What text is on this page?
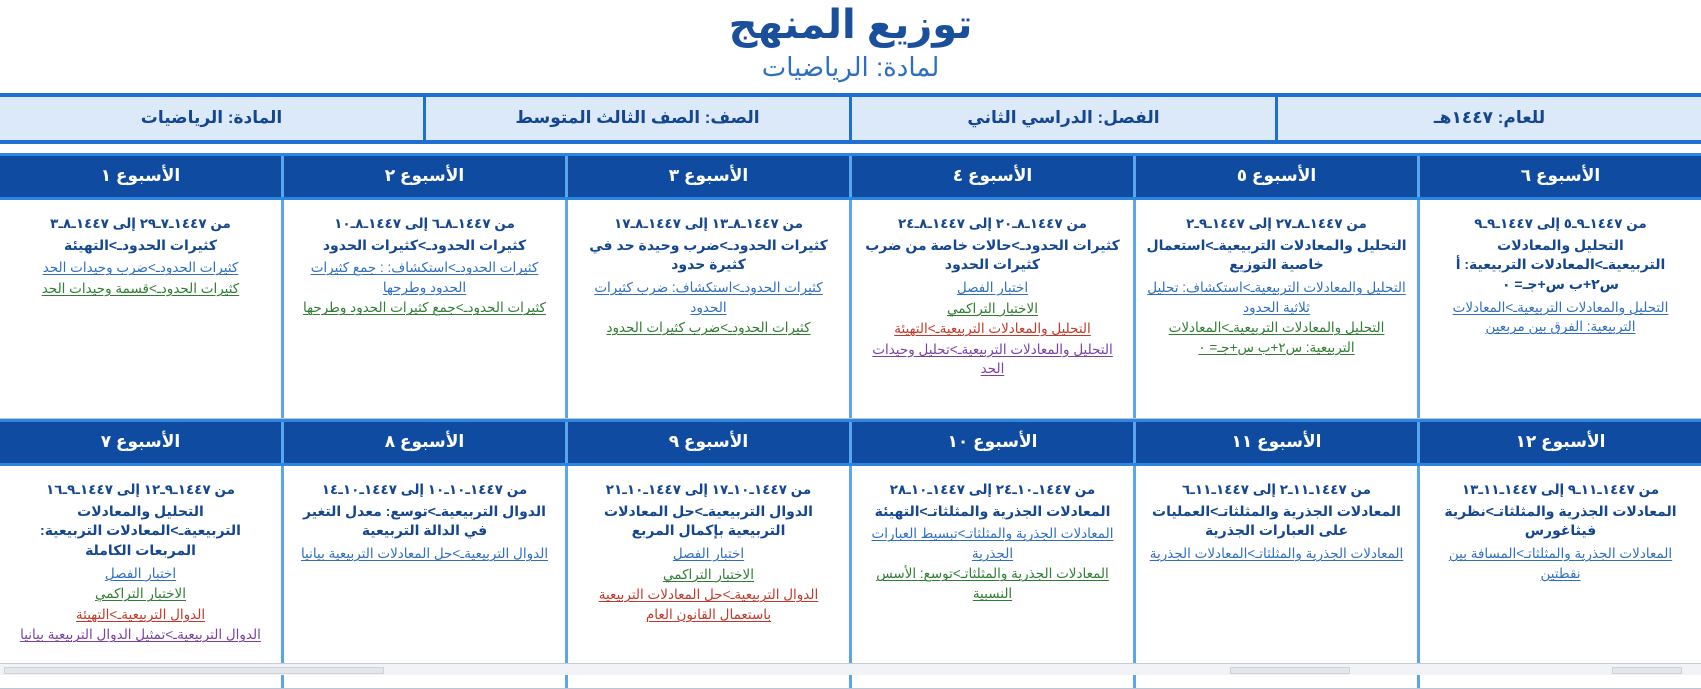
توزيع المنهج
لمادة: الرياضيات
للعام: ١٤٤٧هـ
الفصل: الدراسي الثاني
الصف: الصف الثالث المتوسط
المادة: الرياضيات
الأسبوع ٦
الأسبوع ٥
الأسبوع ٤
الأسبوع ٣
الأسبوع ٢
الأسبوع ١
من ١٤٤٧ـ٩ـ٥ إلى ١٤٤٧ـ٩ـ٩
التحليل والمعادلات التربيعيةـ>المعادلات التربيعية: أ س٢+ب س+جـ= ٠
التحليل والمعادلات التربيعيةـ>المعادلات التربيعية: الفرق بين مربعين
من ١٤٤٧ـ٨ـ٢٧ إلى ١٤٤٧ـ٩ـ٢
التحليل والمعادلات التربيعيةـ>استعمال خاصية التوزيع
التحليل والمعادلات التربيعيةـ>استكشاف: تحليل ثلاثية الحدود
التحليل والمعادلات التربيعيةـ>المعادلات التربيعية: س٢+ب س+جـ= ٠
من ١٤٤٧ـ٨ـ٢٠ إلى ١٤٤٧ـ٨ـ٢٤
كثيرات الحدودـ>حالات خاصة من ضرب كثيرات الحدود
اختبار الفصل
الاختبار التراكمي
التحليل والمعادلات التربيعيةـ>التهيئة
التحليل والمعادلات التربيعيةـ>تحليل وحيدات الحد
من ١٤٤٧ـ٨ـ١٣ إلى ١٤٤٧ـ٨ـ١٧
كثيرات الحدودـ>ضرب وحيدة حد في كثيرة حدود
كثيرات الحدودـ>استكشاف: ضرب كثيرات الحدود
كثيرات الحدودـ>ضرب كثيرات الحدود
من ١٤٤٧ـ٨ـ٦ إلى ١٤٤٧ـ٨ـ١٠
كثيرات الحدودـ>كثيرات الحدود
كثيرات الحدودـ>استكشاف: : جمع كثيرات الحدود وطرحها
كثيرات الحدودـ>جمع كثيرات الحدود وطرحها
من ١٤٤٧ـ٧ـ٢٩ إلى ١٤٤٧ـ٨ـ٣
كثيرات الحدودـ>التهيئة
كثيرات الحدودـ>ضرب وحيدات الحد
كثيرات الحدودـ>قسمة وحيدات الحد
الأسبوع ١٢
الأسبوع ١١
الأسبوع ١٠
الأسبوع ٩
الأسبوع ٨
الأسبوع ٧
من ١٤٤٧ـ١١ـ٩ إلى ١٤٤٧ـ١١ـ١٣
المعادلات الجذرية والمثلثاتـ>نظرية فيثاغورس
المعادلات الجذرية والمثلثاتـ>المسافة بين نقطتين
من ١٤٤٧ـ١١ـ٢ إلى ١٤٤٧ـ١١ـ٦
المعادلات الجذرية والمثلثاتـ>العمليات على العبارات الجذرية
المعادلات الجذرية والمثلثاتـ>المعادلات الجذرية
من ١٤٤٧ـ١٠ـ٢٤ إلى ١٤٤٧ـ١٠ـ٢٨
المعادلات الجذرية والمثلثاتـ>التهيئة
المعادلات الجذرية والمثلثاتـ>تبسيط العبارات الجذرية
المعادلات الجذرية والمثلثاتـ>توسع: الأسس النسبية
من ١٤٤٧ـ١٠ـ١٧ إلى ١٤٤٧ـ١٠ـ٢١
الدوال التربيعيةـ>حل المعادلات التربيعية بإكمال المربع
اختبار الفصل
الاختبار التراكمي
الدوال التربيعيةـ>حل المعادلات التربيعية باستعمال القانون العام
من ١٤٤٧ـ١٠ـ١٠ إلى ١٤٤٧ـ١٠ـ١٤
الدوال التربيعيةـ>توسع: معدل التغير في الدالة التربيعية
الدوال التربيعيةـ>حل المعادلات التربيعية بيانيا
من ١٤٤٧ـ٩ـ١٢ إلى ١٤٤٧ـ٩ـ١٦
التحليل والمعادلات التربيعيةـ>المعادلات التربيعية: المربعات الكاملة
اختبار الفصل
الاختبار التراكمي
الدوال التربيعيةـ>التهيئة
الدوال التربيعيةـ>تمثيل الدوال التربيعية بيانيا
